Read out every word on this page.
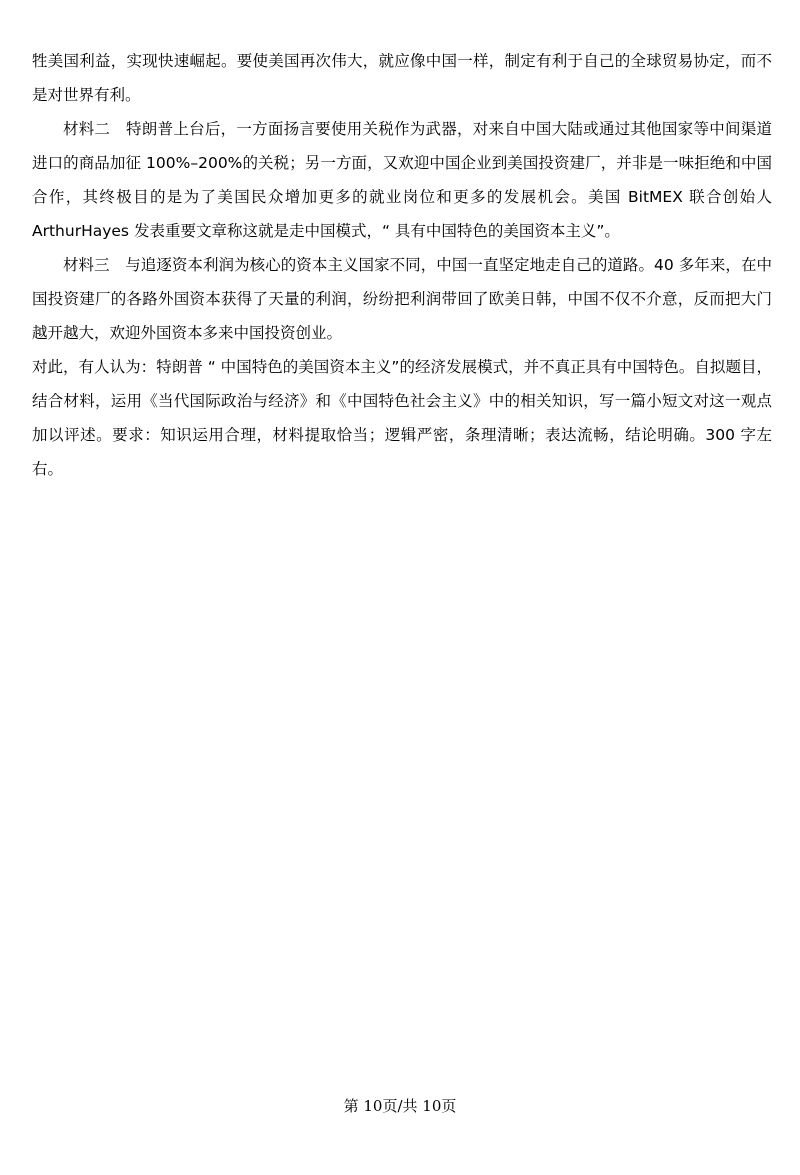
牲美国利益，实现快速崛起。要使美国再次伟大，就应像中国一样，制定有利于自己的全球贸易协定，而不是对世界有利。

材料二　特朗普上台后，一方面扬言要使用关税作为武器，对来自中国大陆或通过其他国家等中间渠道进口的商品加征 100%–200%的关税；另一方面，又欢迎中国企业到美国投资建厂，并非是一味拒绝和中国合作，其终极目的是为了美国民众增加更多的就业岗位和更多的发展机会。美国 BitMEX 联合创始人 ArthurHayes 发表重要文章称这就是走中国模式，“ 具有中国特色的美国资本主义”。

材料三　与追逐资本利润为核心的资本主义国家不同，中国一直坚定地走自己的道路。40 多年来，在中国投资建厂的各路外国资本获得了天量的利润，纷纷把利润带回了欧美日韩，中国不仅不介意，反而把大门越开越大，欢迎外国资本多来中国投资创业。

对此，有人认为：特朗普 “ 中国特色的美国资本主义”的经济发展模式，并不真正具有中国特色。自拟题目，结合材料，运用《当代国际政治与经济》和《中国特色社会主义》中的相关知识，写一篇小短文对这一观点加以评述。要求：知识运用合理，材料提取恰当；逻辑严密，条理清晰；表达流畅，结论明确。300 字左右。

第 10页/共 10页
